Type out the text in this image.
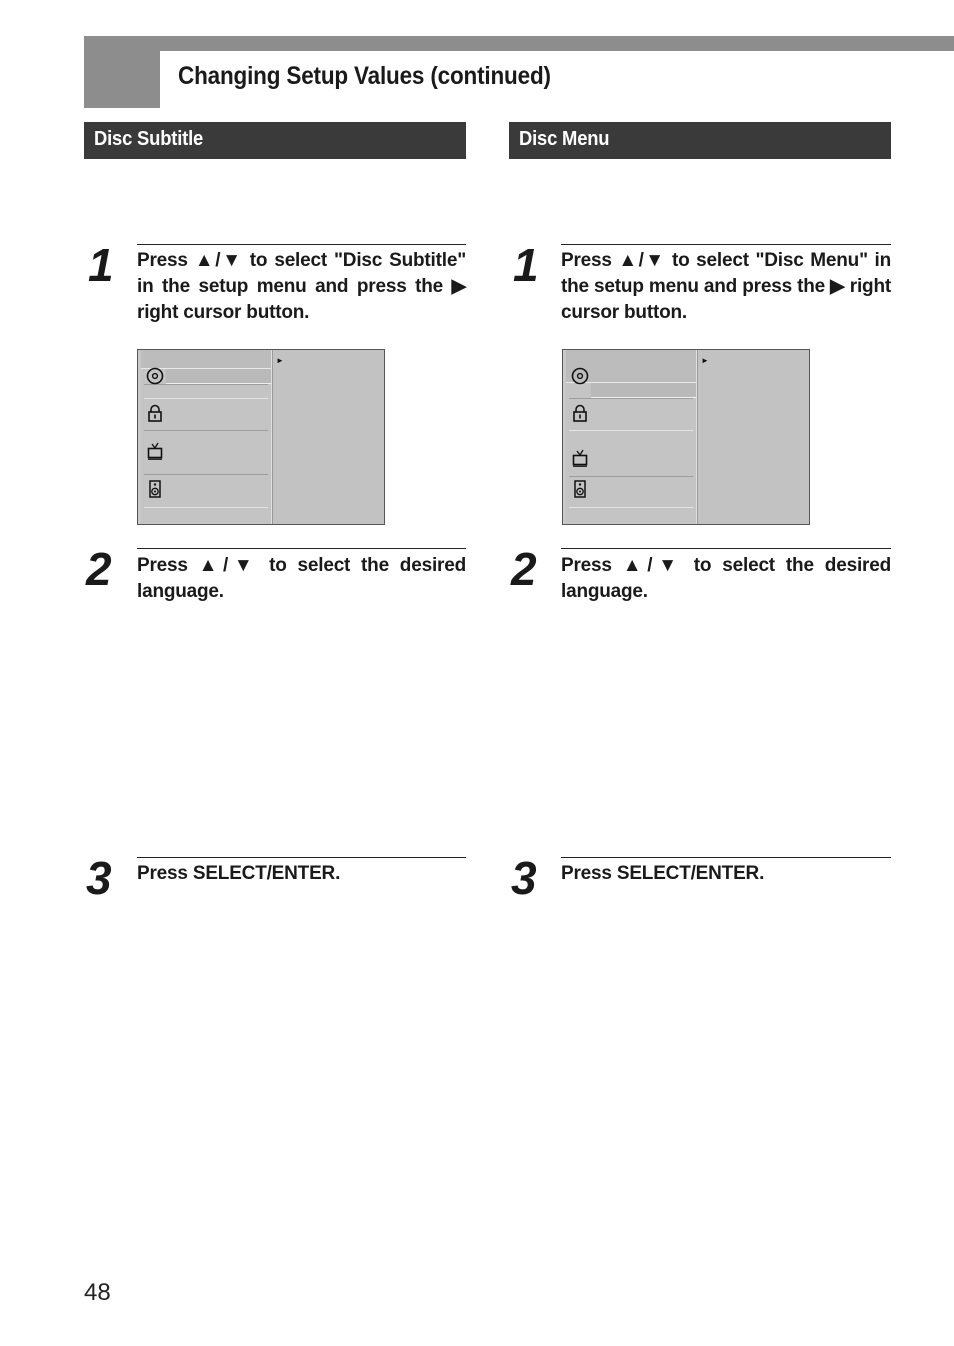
Changing Setup Values (continued)
Disc Subtitle	Disc Menu
1 Press ▲/▼ to select "Disc Subtitle" in the setup menu and press the ▶ right cursor button.

►
2 Press ▲/▼ to select the desired language.

3 Press SELECT/ENTER.

1 Press ▲/▼ to select "Disc Menu" in the setup menu and press the ▶ right cursor button.

►
2 Press ▲/▼ to select the desired language.

3 Press SELECT/ENTER.

48
